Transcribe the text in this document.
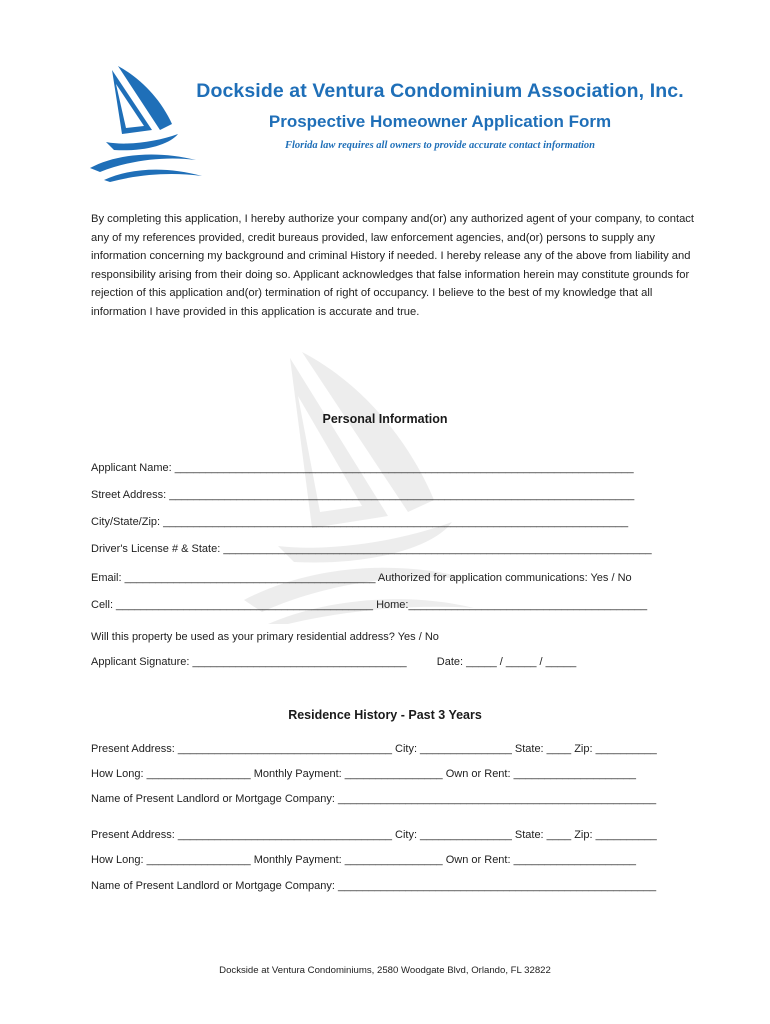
Dockside at Ventura Condominium Association, Inc.
Prospective Homeowner Application Form
Florida law requires all owners to provide accurate contact information
By completing this application, I hereby authorize your company and(or) any authorized agent of your company, to contact any of my references provided, credit bureaus provided, law enforcement agencies, and(or) persons to supply any information concerning my background and criminal History if needed. I hereby release any of the above from liability and responsibility arising from their doing so. Applicant acknowledges that false information herein may constitute grounds for rejection of this application and(or) termination of right of occupancy. I believe to the best of my knowledge that all information I have provided in this application is accurate and true.
Personal Information
Applicant Name: ___________________________________________________________________________
Street Address: ____________________________________________________________________________
City/State/Zip: ____________________________________________________________________________
Driver's License # & State: ______________________________________________________________________
Email: _________________________________________ Authorized for application communications: Yes / No
Cell: __________________________________________ Home:_______________________________________
Will this property be used as your primary residential address? Yes / No
Applicant Signature: ___________________________________	Date: _____ / _____ / _____
Residence History - Past 3 Years
Present Address: ___________________________________ City: _______________ State: ____ Zip: __________
How Long: _________________ Monthly Payment: ________________ Own or Rent: ____________________
Name of Present Landlord or Mortgage Company: ____________________________________________________
Present Address: ___________________________________ City: _______________ State: ____ Zip: __________
How Long: _________________ Monthly Payment: ________________ Own or Rent: ____________________
Name of Present Landlord or Mortgage Company: ____________________________________________________
Dockside at Ventura Condominiums, 2580 Woodgate Blvd, Orlando, FL 32822
